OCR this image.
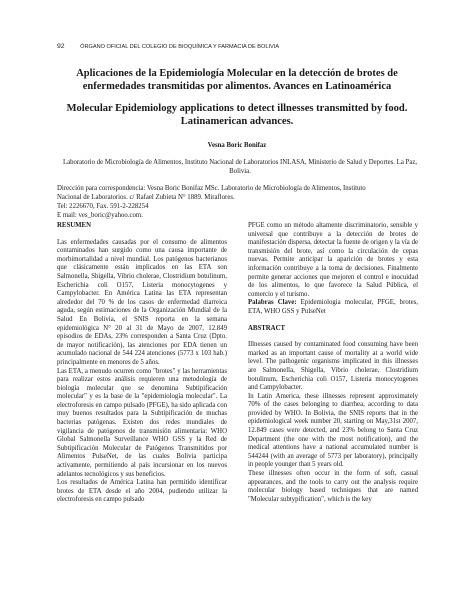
92	ÓRGANO OFICIAL DEL COLEGIO DE BIOQUÍMICA Y FARMACIA DE BOLIVIA
Aplicaciones de la Epidemiología Molecular en la detección de brotes de enfermedades transmitidas por alimentos. Avances en Latinoamérica
Molecular Epidemiology applications to detect illnesses transmitted by food. Latinamerican advances.
Vesna Boric Bonifaz
Laboratorio de Microbiología de Alimentos, Instituto Nacional de Laboratorios INLASA, Ministerio de Salud y Deportes. La Paz, Bolivia.
Dirección para correspondencia: Vesna Boric Bonifaz MSc. Laboratorio de Microbiología de Alimentos, Instituto
Nacional de Laboratorios. c/ Rafael Zubieta N° 1889. Miraflores.
Tel: 2226670, Fax. 591-2-228254
E mail: ves_boric@yahoo.com.
RESUMEN

Las enfermedades causadas por el consumo de alimentos contaminados han surgido como una causa importante de morbimortalidad a nivel mundial. Los patógenos bacterianos que clásicamente están implicados en las ETA son Salmonella, Shigella, Vibrio cholerae, Clostridium botulinum, Escherichia coli O157, Listeria monocytogenes y Campylobacter. En América Latina las ETA representan alrededor del 70 % de los casos de enfermedad diarreica aguda, según estimaciones de la Organización Mundial de la Salud En Bolivia, el SNIS reporta en la semana epidemiológica N° 20 al 31 de Mayo de 2007, 12.849 episodios de EDAs, 23% corresponden a Santa Cruz (Dpto. de mayor notificación), las atenciones por EDA tienen un acumulado nacional de 544 224 atenciones (5773 x 103 hab.) principalmente en menores de 5 años.

Las ETA, a menudo ocurren como "brotes" y las herramientas para realizar estos análisis requieren una metodología de biología molecular que se denomina Subtipificación molecular" y es la base de la "epidemiología molecular". La electroforesis en campo pulsado (PFGE), ha sido aplicada con muy buenos resultados para la Subtipificación de muchas bacterias patógenas. Existen dos redes mundiales de vigilancia de patógenos de transmisión alimentaria: WHO Global Salmonella Surveillance WHO GSS y la Red de Subtipificación Molecular de Patógenos Transmitidos por Alimentos PulseNet, de las cuales Bolivia participa activamente, permitiendo al país incursionar en los nuevos adelantos tecnológicos y sus beneficios.

Los resultados de América Latina han permitido identificar brotes de ETA desde el año 2004, pudiendo utilizar la electroforesis en campo pulsado

PFGE como un método altamente discriminatorio, sensible y universal que contribuye a la detección de brotes de manifestación dispersa, detectar la fuente de origen y la vía de transmisión del brote, así como la circulación de cepas nuevas. Permite anticipar la aparición de brotes y esta información contribuye a la toma de decisiones. Finalmente permite generar acciones que mejoren el control e inocuidad de los alimentos, lo que favorece la Salud Pública, el comercio y el turismo.

Palabras Clave: Epidemiologia molecular, PFGE, brotes, ETA, WHO GSS y PulseNet

ABSTRACT

Illnesses caused by contaminated food consuming have been marked as an important cause of mortality at a world wide level. The pathogenic organisms implicated in this illnesses are Salmonella, Shigella, Vibrio cholerae, Clostridium botulinum, Escherichia coli O157, Listeria monocytogenes and Campylobacter.

In Latin America, these illnesses represent approximately 70% of the cases belonging to diarrhea, according to data provided by WHO. In Bolivia, the SNIS reports that in the epidemiological week number 20, starting on May,31st 2007, 12.849 cases were detected, and 23% belong to Santa Cruz Department (the one with the most notification), and the medical attentions have a national accumulated number is 544244 (with an average of 5773 per laboratory), principally in people younger than 5 years old.

These illnesses often occur in the form of soft, casual appearances, and the tools to carry out the analysis require molecular biology based techniques that are named "Molecular subtypification", which is the key
